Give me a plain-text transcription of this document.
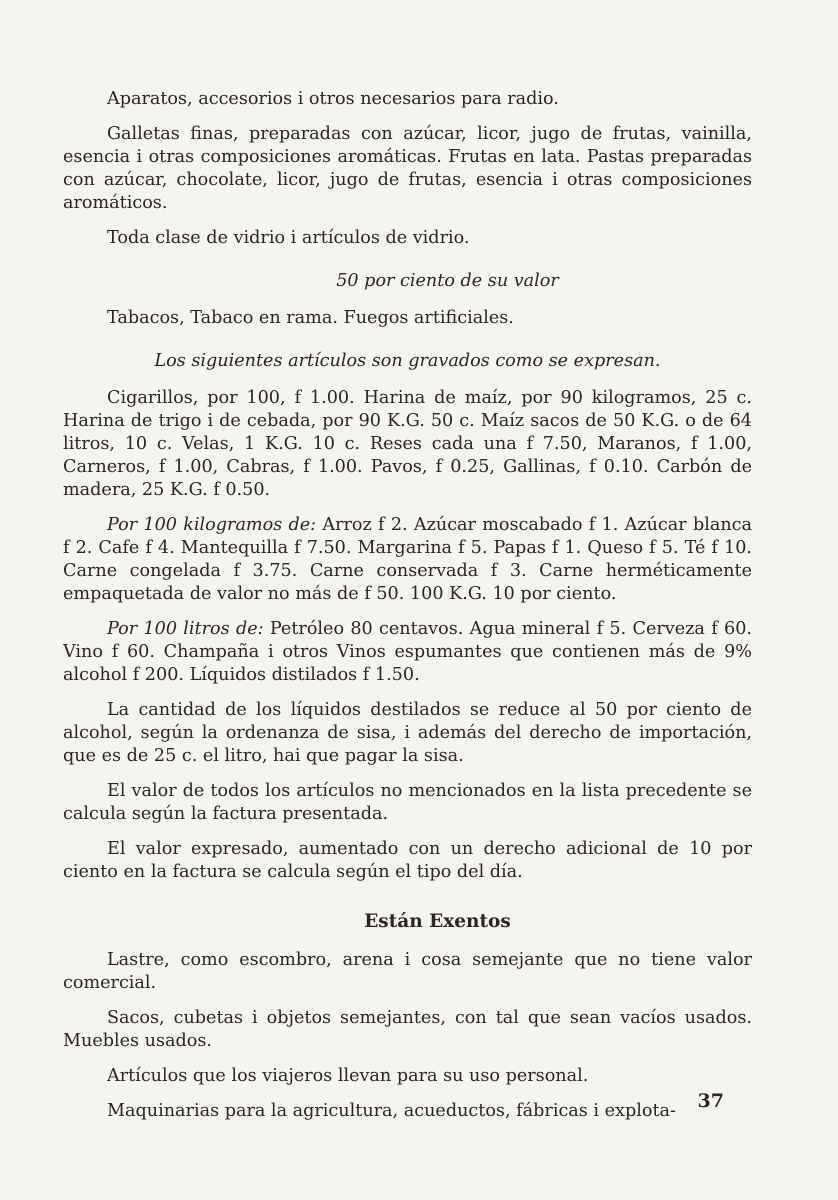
Aparatos, accesorios i otros necesarios para radio.

Galletas finas, preparadas con azúcar, licor, jugo de frutas, vainilla, esencia i otras composiciones aromáticas. Frutas en lata. Pastas preparadas con azúcar, chocolate, licor, jugo de frutas, esencia i otras composiciones aromáticos.

Toda clase de vidrio i artículos de vidrio.

50 por ciento de su valor

Tabacos, Tabaco en rama. Fuegos artificiales.

Los siguientes artículos son gravados como se expresan.

Cigarillos, por 100, f 1.00. Harina de maíz, por 90 kilogramos, 25 c. Harina de trigo i de cebada, por 90 K.G. 50 c. Maíz sacos de 50 K.G. o de 64 litros, 10 c. Velas, 1 K.G. 10 c. Reses cada una f 7.50, Maranos, f 1.00, Carneros, f 1.00, Cabras, f 1.00. Pavos, f 0.25, Gallinas, f 0.10. Carbón de madera, 25 K.G. f 0.50.

Por 100 kilogramos de: Arroz f 2. Azúcar moscabado f 1. Azúcar blanca f 2. Cafe f 4. Mantequilla f 7.50. Margarina f 5. Papas f 1. Queso f 5. Té f 10. Carne congelada f 3.75. Carne conservada f 3. Carne herméticamente empaquetada de valor no más de f 50. 100 K.G. 10 por ciento.

Por 100 litros de: Petróleo 80 centavos. Agua mineral f 5. Cerveza f 60. Vino f 60. Champaña i otros Vinos espumantes que contienen más de 9% alcohol f 200. Líquidos distilados f 1.50.

La cantidad de los líquidos destilados se reduce al 50 por ciento de alcohol, según la ordenanza de sisa, i además del derecho de importación, que es de 25 c. el litro, hai que pagar la sisa.

El valor de todos los artículos no mencionados en la lista precedente se calcula según la factura presentada.

El valor expresado, aumentado con un derecho adicional de 10 por ciento en la factura se calcula según el tipo del día.

Están Exentos

Lastre, como escombro, arena i cosa semejante que no tiene valor comercial.

Sacos, cubetas i objetos semejantes, con tal que sean vacíos usados. Muebles usados.

Artículos que los viajeros llevan para su uso personal.

Maquinarias para la agricultura, acueductos, fábricas i explota-	37
